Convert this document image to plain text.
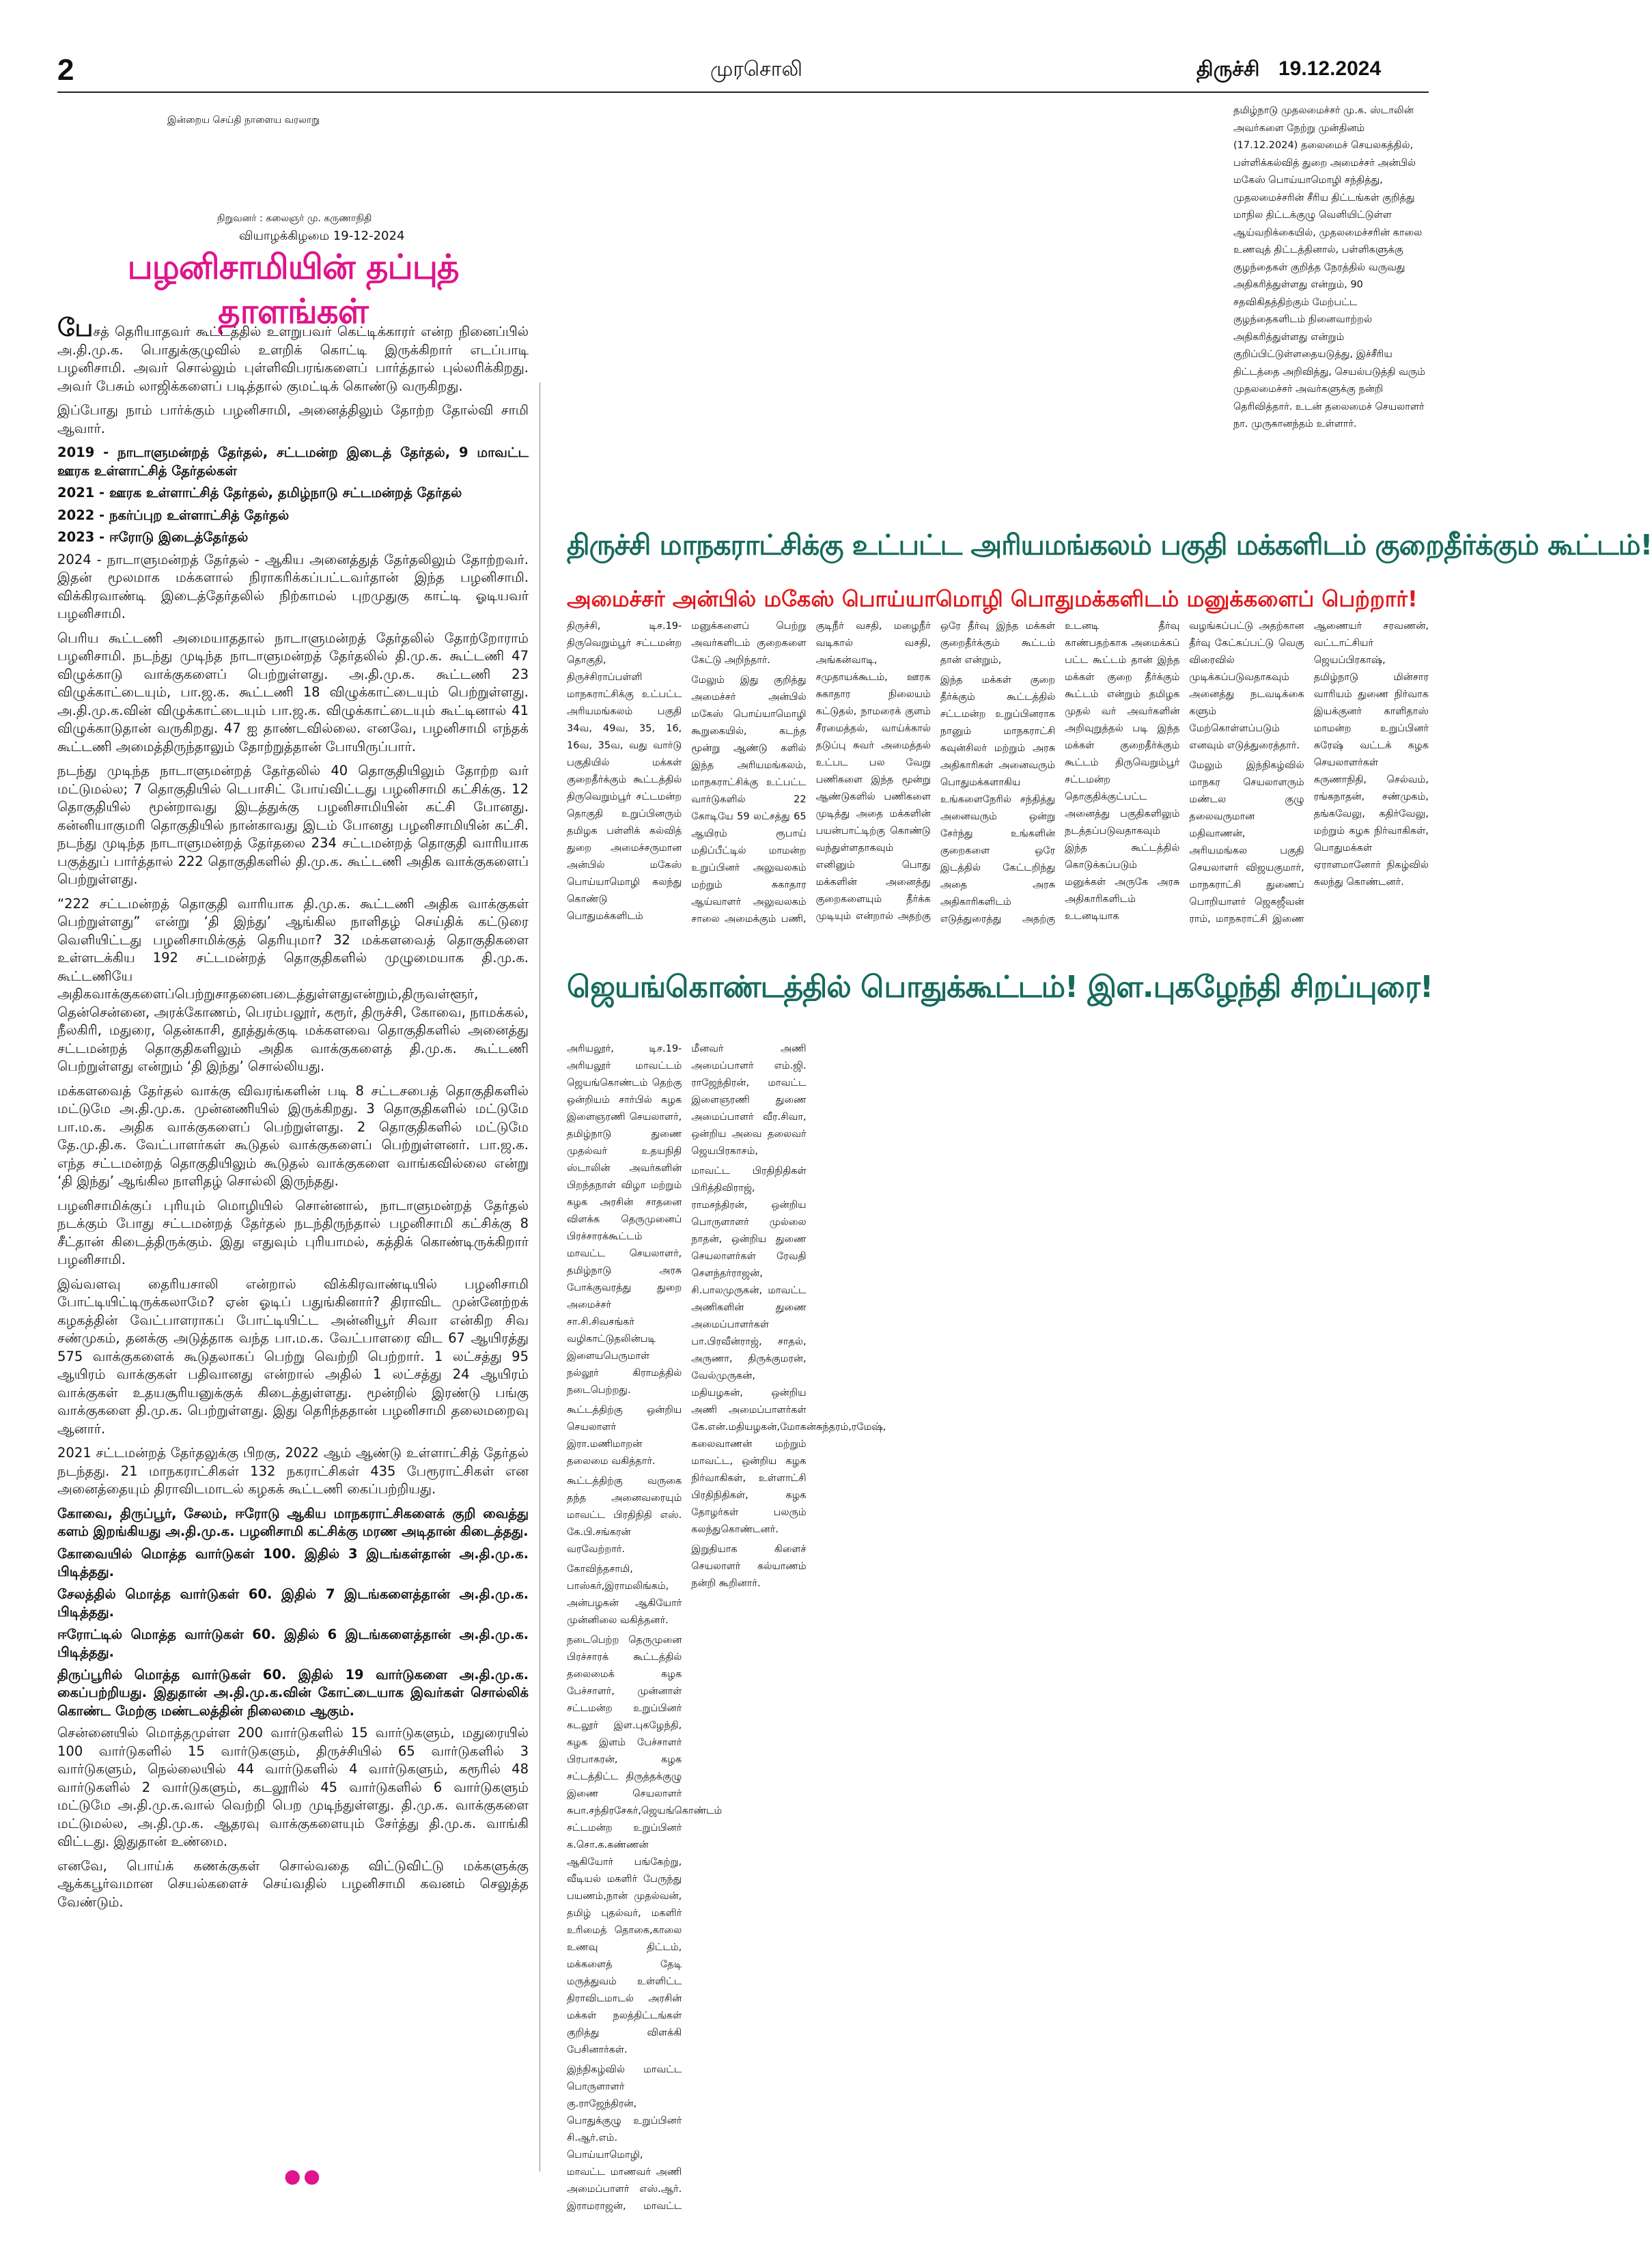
2	முரசொலி	திருச்சி 19.12.2024
இன்றைய செய்தி நாளைய வரலாறு
நிறுவனர் : கலைஞர் மு. கருணாநிதி
வியாழக்கிழமை 19-12-2024
பழனிசாமியின் தப்புத் தாளங்கள்

பேசத் தெரியாதவர் கூட்டத்தில் உளறுபவர் கெட்டிக்காரர் என்ற நினைப்பில் அ.தி.மு.க. பொதுக்குழுவில் உளறிக் கொட்டி இருக்கிறார் எடப்பாடி பழனிசாமி. அவர் சொல்லும் புள்ளிவிபரங்களைப் பார்த்தால் புல்லரிக்கிறது. அவர் பேசும் லாஜிக்களைப் படித்தால் குமட்டிக் கொண்டு வருகிறது.

இப்போது நாம் பார்க்கும் பழனிசாமி, அனைத்திலும் தோற்ற தோல்வி சாமி ஆவார்.

2019 - நாடாளுமன்றத் தேர்தல், சட்டமன்ற இடைத் தேர்தல், 9 மாவட்ட ஊரக உள்ளாட்சித் தேர்தல்கள்

2021 - ஊரக உள்ளாட்சித் தேர்தல், தமிழ்நாடு சட்டமன்றத் தேர்தல்

2022 - நகர்ப்புற உள்ளாட்சித் தேர்தல்

2023 - ஈரோடு இடைத்தேர்தல்

2024 - நாடாளுமன்றத் தேர்தல் - ஆகிய அனைத்துத் தேர்தலிலும் தோற்றவர். இதன் மூலமாக மக்களால் நிராகரிக்கப்பட்டவர்தான் இந்த பழனிசாமி. விக்கிரவாண்டி இடைத்தேர்தலில் நிற்காமல் புறமுதுகு காட்டி ஓடியவர் பழனிசாமி.

பெரிய கூட்டணி அமையாததால் நாடாளுமன்றத் தேர்தலில் தோற்றோராம் பழனிசாமி. நடந்து முடிந்த நாடாளுமன்றத் தேர்தலில் தி.மு.க. கூட்டணி 47 விழுக்காடு வாக்குகளைப் பெற்றுள்ளது. அ.தி.மு.க. கூட்டணி 23 விழுக்காட்டையும், பா.ஜ.க. கூட்டணி 18 விழுக்காட்டையும் பெற்றுள்ளது. அ.தி.மு.க.வின் விழுக்காட்டையும் பா.ஜ.க. விழுக்காட்டையும் கூட்டினால் 41 விழுக்காடுதான் வருகிறது. 47 ஐ தாண்டவில்லை. எனவே, பழனிசாமி எந்தக் கூட்டணி அமைத்திருந்தாலும் தோற்றுத்தான் போயிருப்பார்.

நடந்து முடிந்த நாடாளுமன்றத் தேர்தலில் 40 தொகுதியிலும் தோற்ற வர் மட்டுமல்ல; 7 தொகுதியில் டெபாசிட் போய்விட்டது பழனிசாமி கட்சிக்கு. 12 தொகுதியில் மூன்றாவது இடத்துக்கு பழனிசாமியின் கட்சி போனது. கன்னியாகுமரி தொகுதியில் நான்காவது இடம் போனது பழனிசாமியின் கட்சி. நடந்து முடிந்த நாடாளுமன்றத் தேர்தலை 234 சட்டமன்றத் தொகுதி வாரியாக பகுத்துப் பார்த்தால் 222 தொகுதிகளில் தி.மு.க. கூட்டணி அதிக வாக்குகளைப் பெற்றுள்ளது.

“222 சட்டமன்றத் தொகுதி வாரியாக தி.மு.க. கூட்டணி அதிக வாக்குகள் பெற்றுள்ளது” என்று ‘தி இந்து’ ஆங்கில நாளிதழ் செய்திக் கட்டுரை வெளியிட்டது பழனிசாமிக்குத் தெரியுமா? 32 மக்களவைத் தொகுதிகளை உள்ளடக்கிய 192 சட்டமன்றத் தொகுதிகளில் முழுமையாக தி.மு.க. கூட்டணியே அதிகவாக்குகளைப்பெற்றுசாதனைபடைத்துள்ளதுஎன்றும்,திருவள்ளூர், தென்சென்னை, அரக்கோணம், பெரம்பலூர், கரூர், திருச்சி, கோவை, நாமக்கல், நீலகிரி, மதுரை, தென்காசி, தூத்துக்குடி மக்களவை தொகுதிகளில் அனைத்து சட்டமன்றத் தொகுதிகளிலும் அதிக வாக்குகளைத் தி.மு.க. கூட்டணி பெற்றுள்ளது என்றும் ‘தி இந்து’ சொல்லியது.

மக்களவைத் தேர்தல் வாக்கு விவரங்களின் படி 8 சட்டசபைத் தொகுதிகளில் மட்டுமே அ.தி.மு.க. முன்னணியில் இருக்கிறது. 3 தொகுதிகளில் மட்டுமே பா.ம.க. அதிக வாக்குகளைப் பெற்றுள்ளது. 2 தொகுதிகளில் மட்டுமே தே.மு.தி.க. வேட்பாளர்கள் கூடுதல் வாக்குகளைப் பெற்றுள்ளனர். பா.ஜ.க. எந்த சட்டமன்றத் தொகுதியிலும் கூடுதல் வாக்குகளை வாங்கவில்லை என்று ‘தி இந்து’ ஆங்கில நாளிதழ் சொல்லி இருந்தது.

பழனிசாமிக்குப் புரியும் மொழியில் சொன்னால், நாடாளுமன்றத் தேர்தல் நடக்கும் போது சட்டமன்றத் தேர்தல் நடந்திருந்தால் பழனிசாமி கட்சிக்கு 8 சீட்தான் கிடைத்திருக்கும். இது எதுவும் புரியாமல், கத்திக் கொண்டிருக்கிறார் பழனிசாமி.

இவ்வளவு தைரியசாலி என்றால் விக்கிரவாண்டியில் பழனிசாமி போட்டியிட்டிருக்கலாமே? ஏன் ஓடிப் பதுங்கினார்? திராவிட முன்னேற்றக் கழகத்தின் வேட்பாளராகப் போட்டியிட்ட அன்னியூர் சிவா என்கிற சிவ சண்முகம், தனக்கு அடுத்தாக வந்த பா.ம.க. வேட்பாளரை விட 67 ஆயிரத்து 575 வாக்குகளைக் கூடுதலாகப் பெற்று வெற்றி பெற்றார். 1 லட்சத்து 95 ஆயிரம் வாக்குகள் பதிவானது என்றால் அதில் 1 லட்சத்து 24 ஆயிரம் வாக்குகள் உதயசூரியனுக்குக் கிடைத்துள்ளது. மூன்றில் இரண்டு பங்கு வாக்குகளை தி.மு.க. பெற்றுள்ளது. இது தெரிந்ததான் பழனிசாமி தலைமறைவு ஆனார்.

2021 சட்டமன்றத் தேர்தலுக்கு பிறகு, 2022 ஆம் ஆண்டு உள்ளாட்சித் தேர்தல் நடந்தது. 21 மாநகராட்சிகள் 132 நகராட்சிகள் 435 பேரூராட்சிகள் என அனைத்தையும் திராவிடமாடல் கழகக் கூட்டணி கைப்பற்றியது.

கோவை, திருப்பூர், சேலம், ஈரோடு ஆகிய மாநகராட்சிகளைக் குறி வைத்து களம் இறங்கியது அ.தி.மு.க. பழனிசாமி கட்சிக்கு மரண அடிதான் கிடைத்தது.

கோவையில் மொத்த வார்டுகள் 100. இதில் 3 இடங்கள்தான் அ.தி.மு.க. பிடித்தது.

சேலத்தில் மொத்த வார்டுகள் 60. இதில் 7 இடங்களைத்தான் அ.தி.மு.க. பிடித்தது.

ஈரோட்டில் மொத்த வார்டுகள் 60. இதில் 6 இடங்களைத்தான் அ.தி.மு.க. பிடித்தது.

திருப்பூரில் மொத்த வார்டுகள் 60. இதில் 19 வார்டுகளை அ.தி.மு.க. கைப்பற்றியது. இதுதான் அ.தி.மு.க.வின் கோட்டையாக இவர்கள் சொல்லிக் கொண்ட மேற்கு மண்டலத்தின் நிலைமை ஆகும்.

சென்னையில் மொத்தமுள்ள 200 வார்டுகளில் 15 வார்டுகளும், மதுரையில் 100 வார்டுகளில் 15 வார்டுகளும், திருச்சியில் 65 வார்டுகளில் 3 வார்டுகளும், நெல்லையில் 44 வார்டுகளில் 4 வார்டுகளும், கரூரில் 48 வார்டுகளில் 2 வார்டுகளும், கடலூரில் 45 வார்டுகளில் 6 வார்டுகளும் மட்டுமே அ.தி.மு.க.வால் வெற்றி பெற முடிந்துள்ளது. தி.மு.க. வாக்குகளை மட்டுமல்ல, அ.தி.மு.க. ஆதரவு வாக்குகளையும் சேர்த்து தி.மு.க. வாங்கி விட்டது. இதுதான் உண்மை.

எனவே, பொய்க் கணக்குகள் சொல்வதை விட்டுவிட்டு மக்களுக்கு ஆக்கபூர்வமான செயல்களைச் செய்வதில் பழனிசாமி கவனம் செலுத்த வேண்டும்.

●●
தமிழ்நாடு முதலமைச்சர் மு.க. ஸ்டாலின் அவர்களை நேற்று முன்தினம் (17.12.2024) தலைமைச் செயலகத்தில், பள்ளிக்கல்வித் துறை அமைச்சர் அன்பில் மகேஸ் பொய்யாமொழி சந்தித்து, முதலமைச்சரின் சீரிய திட்டங்கள் குறித்து மாநில திட்டக்குழு வெளியிட்டுள்ள ஆய்வறிக்கையில், முதலமைச்சரின் காலை உணவுத் திட்டத்தினால், பள்ளிகளுக்கு குழந்தைகள் குறித்த நேரத்தில் வருவது அதிகரித்துள்ளது என்றும், 90 சதவிகிதத்திற்கும் மேற்பட்ட குழந்தைகளிடம் நினைவாற்றல் அதிகரித்துள்ளது என்றும் குறிப்பிட்டுள்ளதையடுத்து, இச்சீரிய திட்டத்தை அறிவித்து, செயல்படுத்தி வரும் முதலமைச்சர் அவர்களுக்கு நன்றி தெரிவித்தார். உடன் தலைமைச் செயலாளர் நா. முருகானந்தம் உள்ளார்.
திருச்சி மாநகராட்சிக்கு உட்பட்ட அரியமங்கலம் பகுதி மக்களிடம் குறைதீர்க்கும் கூட்டம்!
அமைச்சர் அன்பில் மகேஸ் பொய்யாமொழி பொதுமக்களிடம் மனுக்களைப் பெற்றார்!

திருச்சி, டிச.19- திருவெறும்பூர் சட்டமன்ற தொகுதி, திருச்சிராப்பள்ளி மாநகராட்சிக்கு உட்பட்ட அரியமங்கலம் பகுதி 34வ, 49வ, 35, 16, 16வ, 35வ, வது வார்டு பகுதியில் மக்கள் குறைதீர்க்கும் கூட்டத்தில் திருவெறும்பூர் சட்டமன்ற தொகுதி உறுப்பினரும் தமிழக பள்ளிக் கல்வித் துறை அமைச்சருமான அன்பில் மகேஸ் பொய்யாமொழி கலந்து கொண்டு பொதுமக்களிடம் மனுக்களைப் பெற்று அவர்களிடம் குறைகளை கேட்டு அறிந்தார்.

மேலும் இது குறித்து அமைச்சர் அன்பில் மகேஸ் பொய்யாமொழி கூறுகையில், கடந்த மூன்று ஆண்டு களில் இந்த அரியமங்கலம், மாநகராட்சிக்கு உட்பட்ட வார்டுகளில் 22 கோடியே 59 லட்சத்து 65 ஆயிரம் ரூபாய் மதிப்பீட்டில் மாமன்ற உறுப்பினர் அலுவலகம் மற்றும் சுகாதார ஆய்வாளர் அலுவலகம் சாலை அமைக்கும் பணி, குடிநீர் வசதி, மழைநீர் வடிகால் வசதி, அங்கன்வாடி, சமுதாயக்கூடம், ஊரக சுகாதார நிலையம் கட்டுதல், நாமரைக் குளம் சீரமைத்தல், வாய்க்கால் தடுப்பு சுவர் அமைத்தல் உட்பட பல வேறு பணிகளை இந்த மூன்று ஆண்டுகளில் பணிகளை முடித்து அதை மக்களின் பயன்பாட்டிற்கு கொண்டு வந்துள்ளதாகவும் எனினும் பொது மக்களின் அனைத்து குறைகளையும் தீர்க்க முடியும் என்றால் அதற்கு ஒரே தீர்வு இந்த மக்கள் குறைதீர்க்கும் கூட்டம் தான் என்றும்,

இந்த மக்கள் குறை தீர்க்கும் கூட்டத்தில் சட்டமன்ற உறுப்பினராக நானும் மாநகராட்சி கவுன்சிலர் மற்றும் அரசு அதிகாரிகள் அனைவரும் பொதுமக்களாகிய உங்களைநேரில் சந்தித்து அனைவரும் ஒன்று சேர்ந்து உங்களின் குறைகளை ஒரே இடத்தில் கேட்டறிந்து அதை அரசு அதிகாரிகளிடம் எடுத்துரைத்து அதற்கு உடனடி தீர்வு காண்பதற்காக அமைக்கப் பட்ட கூட்டம் தான் இந்த மக்கள் குறை தீர்க்கும் கூட்டம் என்றும் தமிழக முதல் வர் அவர்களின் அறிவுறுத்தல் படி இந்த மக்கள் குறைதீர்க்கும் கூட்டம் திருவெறும்பூர் சட்டமன்ற தொகுதிக்குட்பட்ட அனைத்து பகுதிகளிலும் நடத்தப்படுவதாகவும் இந்த கூட்டத்தில் கொடுக்கப்படும் மனுக்கள் அருகே அரசு அதிகாரிகளிடம் உடனடியாக வழங்கப்பட்டு அதற்கான தீர்வு கேட்கப்பட்டு வெகு விரைவில் முடிக்கப்படுவதாகவும் அனைத்து நடவடிக்கை களும் மேற்கொள்ளப்படும் எனவும் எடுத்துரைத்தார்.

மேலும் இந்நிகழ்வில் மாநகர செயலாளரும் மண்டல குழு தலைவருமான மதிவாணன், அரியமங்கல பகுதி செயலாளர் விஜயகுமார், மாநகராட்சி துணைப் பொறியாளர் ஜெகஜீவன் ராம், மாநகராட்சி இணை ஆணையர் சரவணன், வட்டாட்சியர் ஜெயப்பிரகாஷ், தமிழ்நாடு மின்சார வாரியம் துணை நிர்வாக இயக்குனர் காளிதாஸ் மாமன்ற உறுப்பினர் சுரேஷ் வட்டக் கழக செயலாளர்கள் கருணாநிதி, செல்வம், ரங்கநாதன், சண்முகம், தங்கவேலு, கதிர்வேலு, மற்றும் கழக நிர்வாகிகள், பொதுமக்கள் ஏராளமானோர் நிகழ்வில் கலந்து கொண்டனர்.

ஜெயங்கொண்டத்தில் பொதுக்கூட்டம்! இள.புகழேந்தி சிறப்புரை!

அரியலூர், டிச.19- அரியலூர் மாவட்டம் ஜெயங்கொண்டம் தெற்கு ஒன்றியம் சார்பில் கழக இளைஞரணி செயலாளர், தமிழ்நாடு துணை முதல்வர் உதயநிதி ஸ்டாலின் அவர்களின் பிறந்தநாள் விழா மற்றும் கழக அரசின் சாதனை விளக்க தெருமுனைப் பிரச்சாரக்கூட்டம் மாவட்ட செயலாளர், தமிழ்நாடு அரசு போக்குவரத்து துறை அமைச்சர் சா.சி.சிவசங்கர் வழிகாட்டுதலின்படி இளையபெருமாள் நல்லூர் கிராமத்தில் நடைபெற்றது.

கூட்டத்திற்கு ஒன்றிய செயலாளர் இரா.மணிமாறன் தலைமை வகித்தார்.

கூட்டத்திற்கு வருகை தந்த அனைவரையும் மாவட்ட பிரதிநிதி எஸ். கே.பி.சங்கரன் வரவேற்றார்.

கோவிந்தசாமி, பாஸ்கர்,இராமலிங்கம், அன்பழகன் ஆகியோர் முன்னிலை வகித்தனர்.

நடைபெற்ற தெருமுனை பிரச்சாரக் கூட்டத்தில் தலைமைக் கழக பேச்சாளர், முன்னாள் சட்டமன்ற உறுப்பினர் கடலூர் இள.புகழேந்தி, கழக இளம் பேச்சாளர் பிரபாகரன், கழக சட்டத்திட்ட திருத்தக்குழு இணை செயலாளர் சுபா.சந்திரசேகர்,ஜெயங்கொண்டம் சட்டமன்ற உறுப்பினர் க.சொ.க.கண்ணன் ஆகியோர் பங்கேற்று, வீடியல் மகளிர் பேருந்து பயணம்,நான் முதல்வன், தமிழ் புதல்வர், மகளிர் உரிமைத் தொகை,காலை உணவு திட்டம், மக்களைத் தேடி மருத்துவம் உள்ளிட்ட திராவிடமாடல் அரசின் மக்கள் நலத்திட்டங்கள் குறித்து விளக்கி பேசினார்கள்.

இந்நிகழ்வில் மாவட்ட பொருளாளர் கு.ராஜேந்திரன், பொதுக்குழு உறுப்பினர் சி.ஆர்.எம். பொய்யாமொழி, மாவட்ட மாணவர் அணி அமைப்பாளர் எஸ்.ஆர். இராமராஜன், மாவட்ட மீனவர் அணி அமைப்பாளர் எம்.ஜி. ராஜேந்திரன், மாவட்ட இளைஞரணி துணை அமைப்பாளர் வீர.சிவா, ஒன்றிய அவை தலைவர் ஜெயபிரகாசம்,

மாவட்ட பிரதிநிதிகள் பிரித்திவிராஜ், ராமசந்திரன், ஒன்றிய பொருளாளர் முல்லை நாதன், ஒன்றிய துணை செயலாளர்கள் ரேவதி சௌந்தர்ராஜன், சி.பாலமுருகன், மாவட்ட அணிகளின் துணை அமைப்பாளர்கள் பா.பிரவீன்ராஜ், சாதல், அருணா, திருக்குமரன், வேல்முருகன், மதியழகன், ஒன்றிய அணி அமைப்பாளர்கள் கே.என்.மதியழகன்,மோகன்சுந்தரம்,ரமேஷ், கலைவாணன் மற்றும் மாவட்ட, ஒன்றிய கழக நிர்வாகிகள், உள்ளாட்சி பிரதிநிதிகள், கழக தோழர்கள் பலரும் கலந்துகொண்டனர்.

இறுதியாக கிளைச் செயலாளர் கல்யாணம் நன்றி கூறினார்.
